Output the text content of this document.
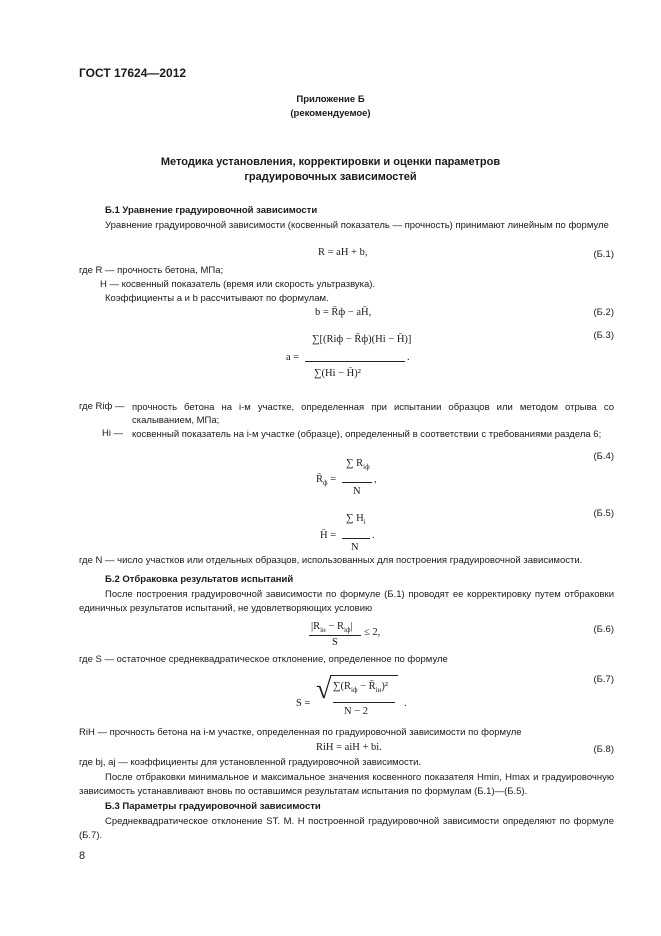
ГОСТ 17624—2012
Приложение Б
(рекомендуемое)
Методика установления, корректировки и оценки параметров
градуировочных зависимостей
Б.1 Уравнение градуировочной зависимости
Уравнение градуировочной зависимости (косвенный показатель — прочность) принимают линейным по формуле
R = aH + b,	(Б.1)
где R — прочность бетона, МПа;
H — косвенный показатель (время или скорость ультразвука).
Коэффициенты a и b рассчитывают по формулам.
b = R̄ф − aH̄,	(Б.2)
a =
∑[(Riф − R̄ф)(Hi − H̄)]
∑(Hi − H̄)²
.
(Б.3)
где Riф — прочность бетона на i-м участке, определенная при испытании образцов или методом отрыва со скалыванием, МПа;
Hi — косвенный показатель на i-м участке (образце), определенный в соответствии с требованиями раздела 6;
$R̄_ф$ =
∑ $R_{iф}$
N
,
(Б.4)
H̄ =
∑ $H_i$
N
.
(Б.5)
где N — число участков или отдельных образцов, использованных для построения градуировочной зависимости.
Б.2 Отбраковка результатов испытаний
После построения градуировочной зависимости по формуле (Б.1) проводят ее корректировку путем отбраковки единичных результатов испытаний, не удовлетворяющих условию
$|R_{iн} - R_{iф}|$
S
≤ 2,	(Б.6)
где S — остаточное среднеквадратическое отклонение, определенное по формуле
S = √ $\sum(R_{iф}$ − $R̄_{iн})^2$
N − 2
.
(Б.7)
RiH — прочность бетона на i-м участке, определенная по градуировочной зависимости по формуле
RiH = aiH + bi.	(Б.8)
где bj, aj — коэффициенты для установленной градуировочной зависимости.
После отбраковки минимальное и максимальное значения косвенного показателя Hmin, Hmax и градуировочную зависимость устанавливают вновь по оставшимся результатам испытания по формулам (Б.1)—(Б.5).
Б.3 Параметры градуировочной зависимости
Среднеквадратическое отклонение ST. M. H построенной градуировочной зависимости определяют по формуле (Б.7).
8
